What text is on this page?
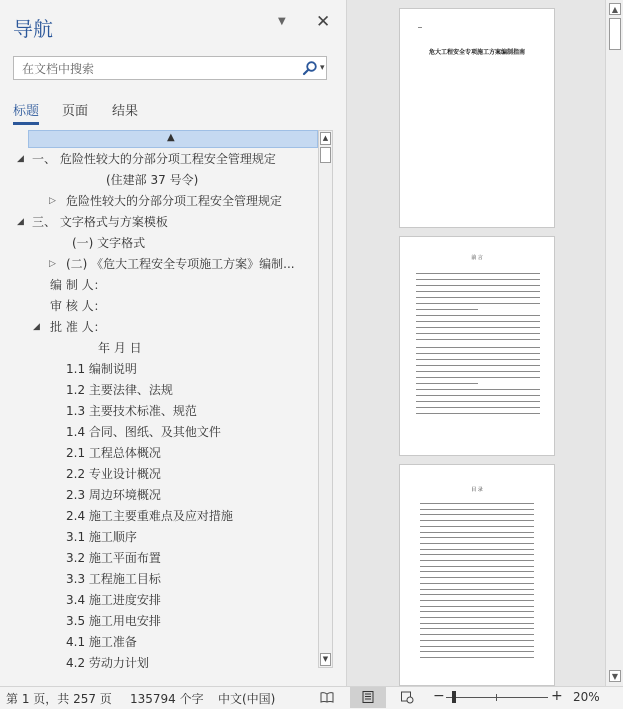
导航	▼ ✕
在文档中搜索
▾
标题 页面 结果
▲
一、 危险性较大的分部分项工程安全管理规定
◢
(住建部 37 号令)
危险性较大的分部分项工程安全管理规定
▷
三、 文字格式与方案模板
◢
(一) 文字格式
(二) 《危大工程安全专项施工方案》编制...
▷
编 制 人：
审 核 人：
批 准 人：
◢
年 月 日
1.1 编制说明
1.2 主要法律、法规
1.3 主要技术标准、规范
1.4 合同、图纸、及其他文件
2.1 工程总体概况
2.2 专业设计概况
2.3 周边环境概况
2.4 施工主要重难点及应对措施
3.1 施工顺序
3.2 施工平面布置
3.3 工程施工目标
3.4 施工进度安排
3.5 施工用电安排
4.1 施工准备
4.2 劳动力计划
▲
▼
危大工程安全专项施工方案编制指南
前 言
目 录
▲
▼
第 1 页，共 257 页 135794 个字 中文(中国)	−	+ 20%
